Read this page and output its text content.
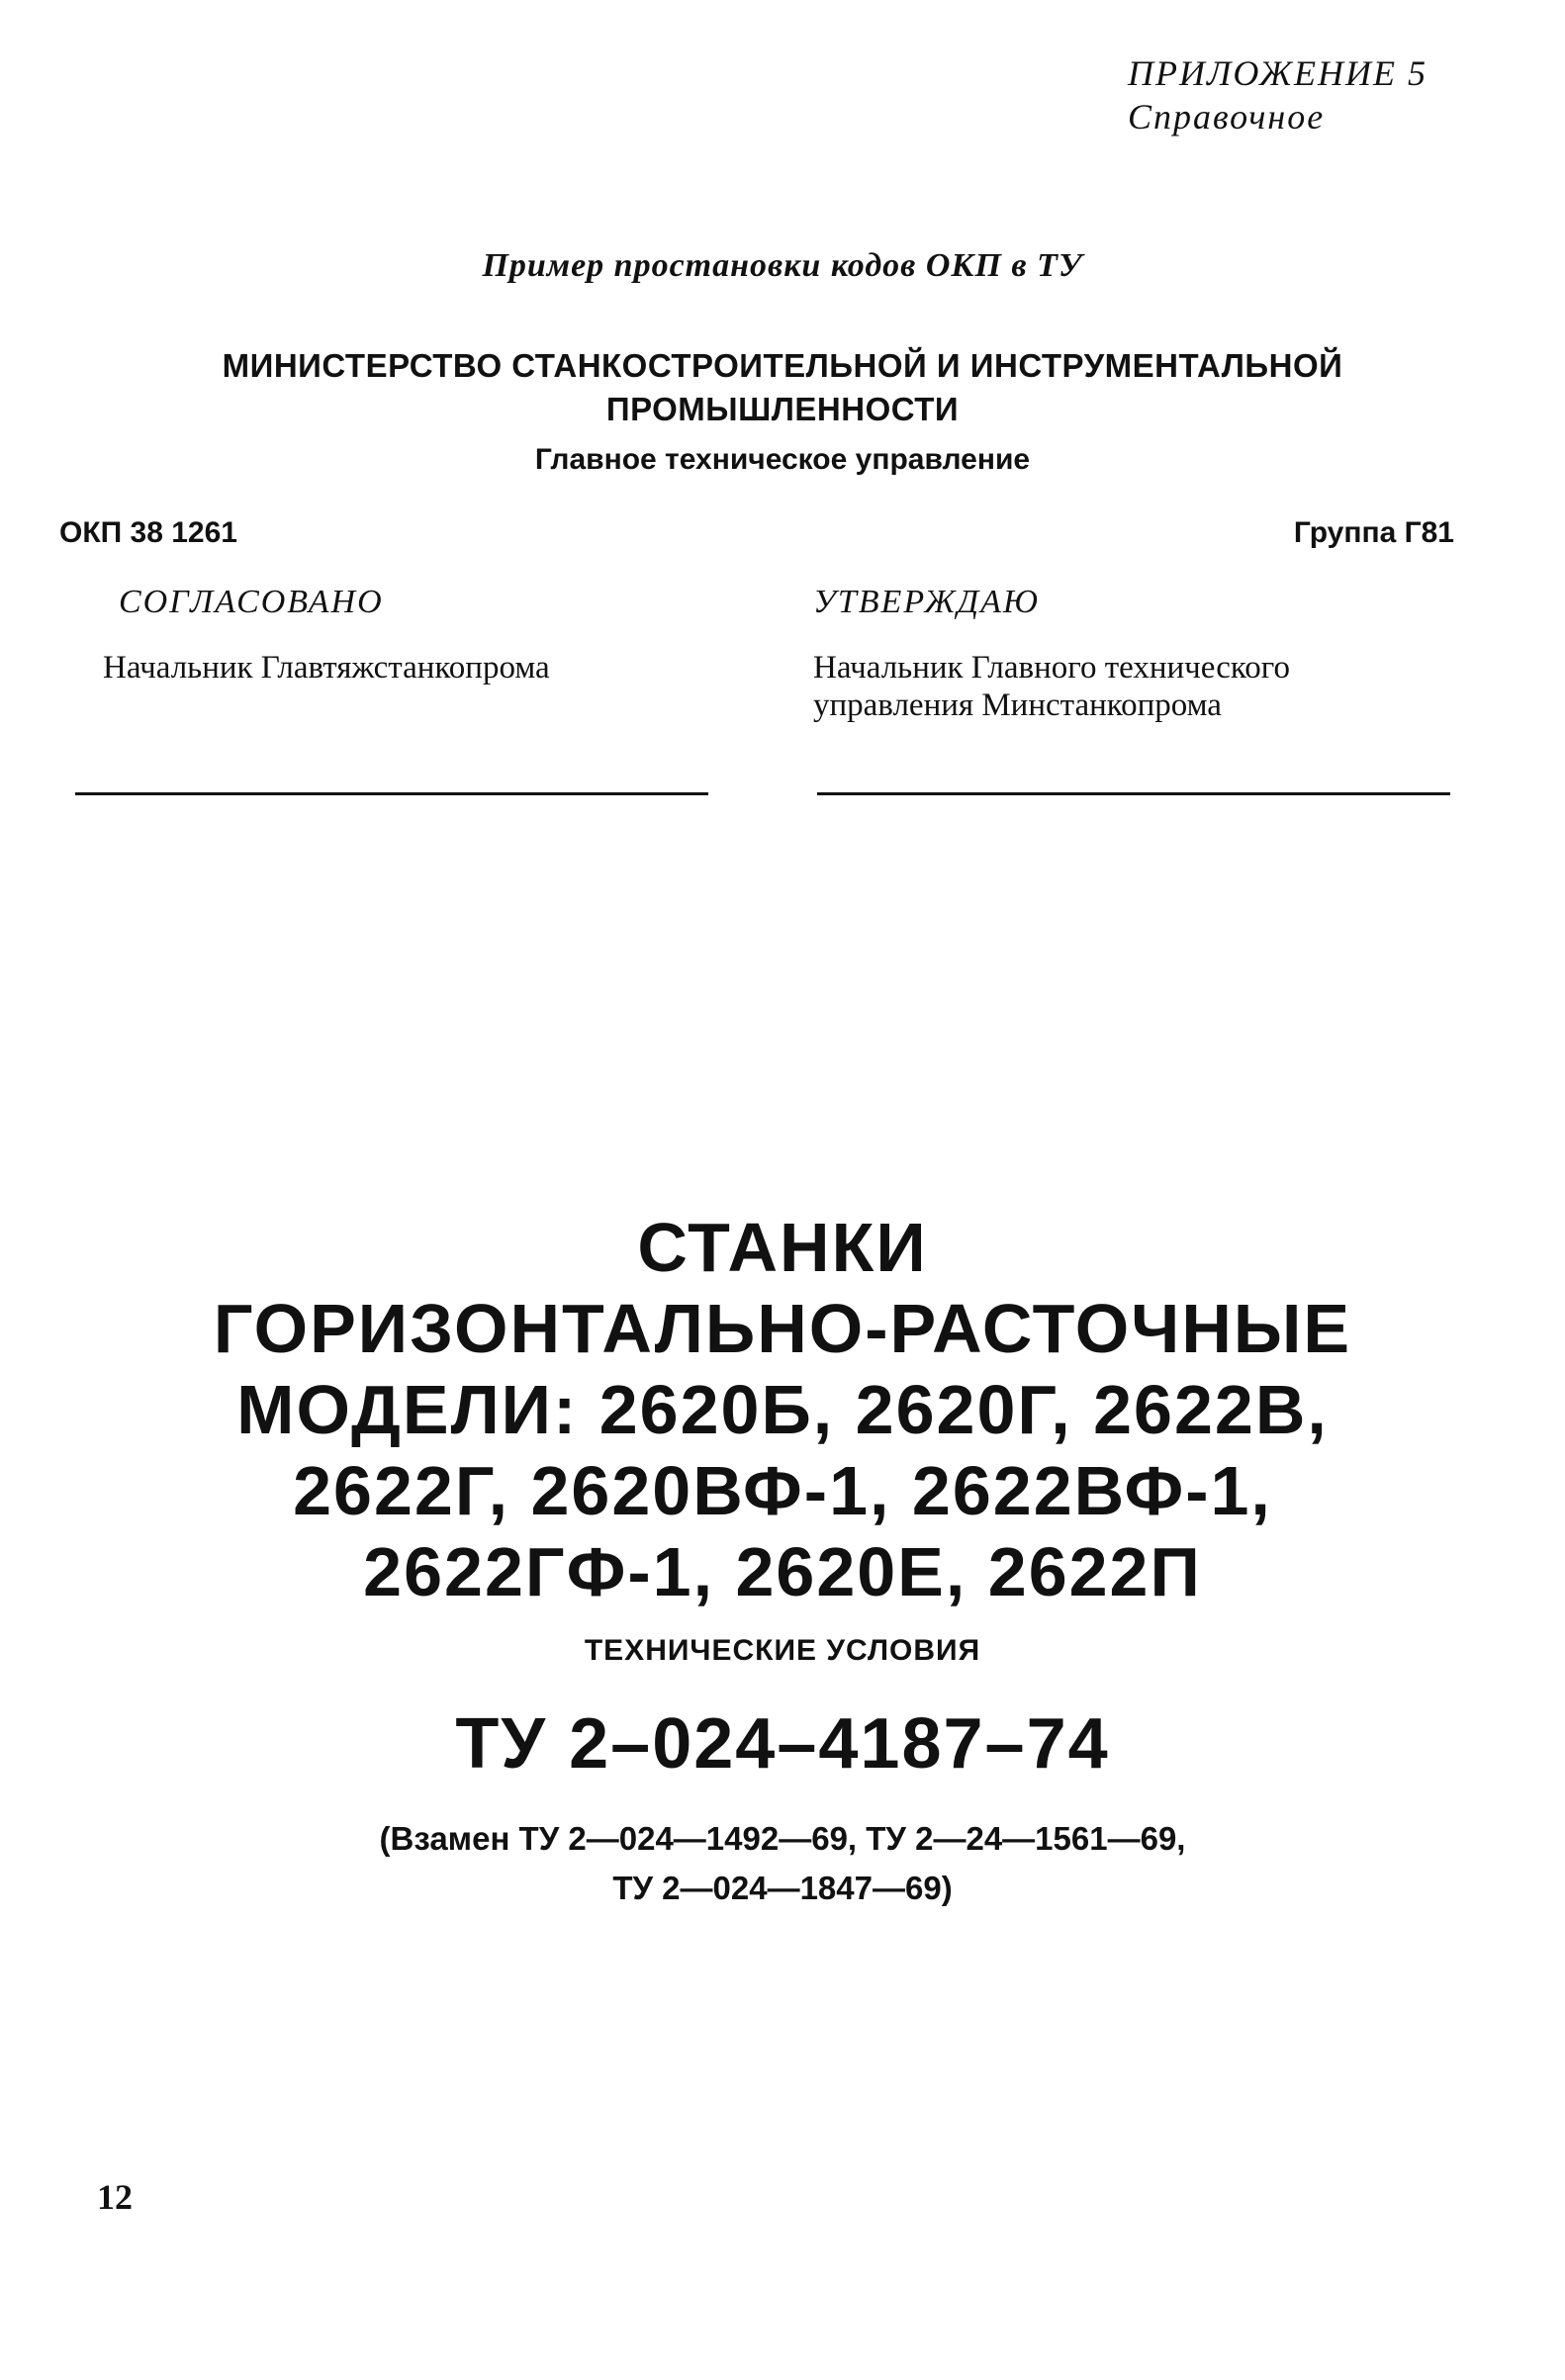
ПРИЛОЖЕНИЕ 5
Справочное
Пример простановки кодов ОКП в ТУ
МИНИСТЕРСТВО СТАНКОСТРОИТЕЛЬНОЙ И ИНСТРУМЕНТАЛЬНОЙ
ПРОМЫШЛЕННОСТИ
Главное техническое управление
ОКП 38 1261	Группа Г81
СОГЛАСОВАНО
Начальник Главтяжстанкопрома
УТВЕРЖДАЮ
Начальник Главного технического
управления Минстанкопрома
СТАНКИ
ГОРИЗОНТАЛЬНО-РАСТОЧНЫЕ
МОДЕЛИ: 2620Б, 2620Г, 2622В,
2622Г, 2620ВФ-1, 2622ВФ-1,
2622ГФ-1, 2620Е, 2622П
ТЕХНИЧЕСКИЕ УСЛОВИЯ
ТУ 2–024–4187–74
(Взамен ТУ 2—024—1492—69, ТУ 2—24—1561—69,
ТУ 2—024—1847—69)
12
